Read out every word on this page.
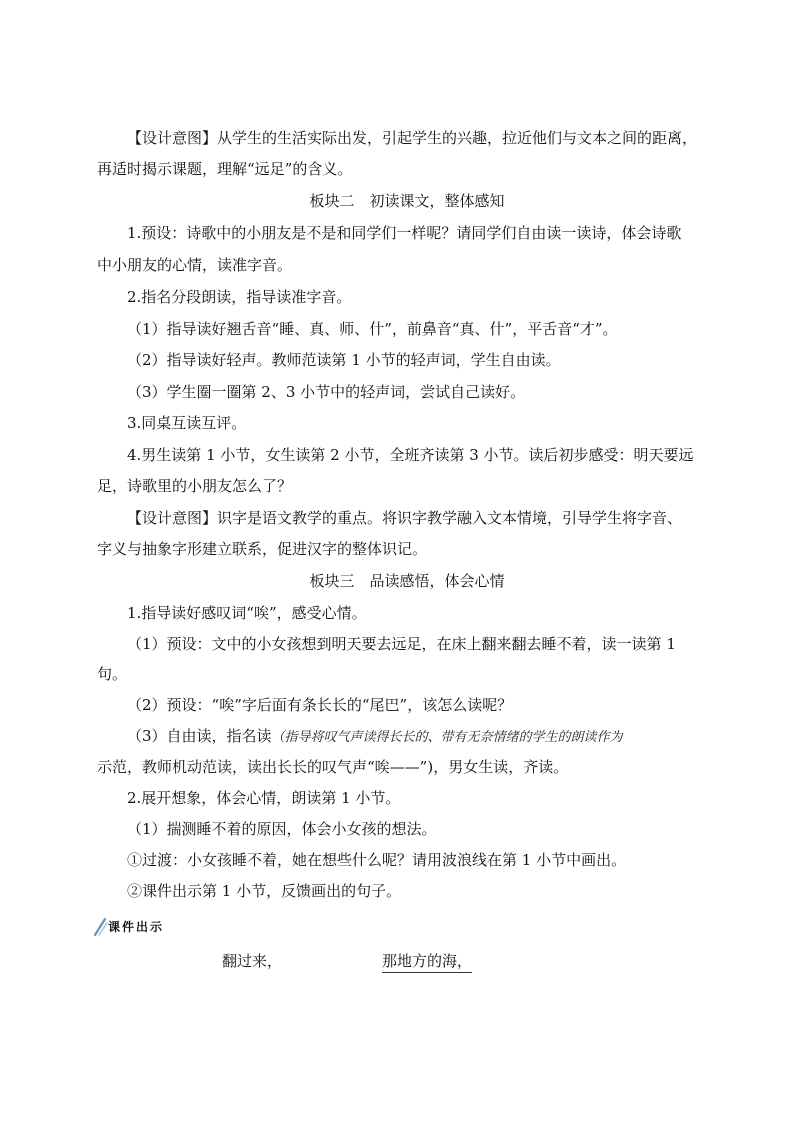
【设计意图】从学生的生活实际出发，引起学生的兴趣，拉近他们与文本之间的距离，
再适时揭示课题，理解“远足”的含义。
板块二　初读课文，整体感知
1.预设：诗歌中的小朋友是不是和同学们一样呢？请同学们自由读一读诗，体会诗歌
中小朋友的心情，读准字音。
2.指名分段朗读，指导读准字音。
（1）指导读好翘舌音“睡、真、师、什”，前鼻音“真、什”，平舌音“才”。
（2）指导读好轻声。教师范读第 1 小节的轻声词，学生自由读。
（3）学生圈一圈第 2、3 小节中的轻声词，尝试自己读好。
3.同桌互读互评。
4.男生读第 1 小节，女生读第 2 小节，全班齐读第 3 小节。读后初步感受：明天要远
足，诗歌里的小朋友怎么了？
【设计意图】识字是语文教学的重点。将识字教学融入文本情境，引导学生将字音、
字义与抽象字形建立联系，促进汉字的整体识记。
板块三　品读感悟，体会心情
1.指导读好感叹词“唉”，感受心情。
（1）预设：文中的小女孩想到明天要去远足，在床上翻来翻去睡不着，读一读第 1
句。
（2）预设：“唉”字后面有条长长的“尾巴”，该怎么读呢？
（3）自由读，指名读（指导将叹气声读得长长的、带有无奈情绪的学生的朗读作为
示范，教师机动范读，读出长长的叹气声“唉——”)，男女生读，齐读。
2.展开想象，体会心情，朗读第 1 小节。
（1）揣测睡不着的原因，体会小女孩的想法。
①过渡：小女孩睡不着，她在想些什么呢？请用波浪线在第 1 小节中画出。
②课件出示第 1 小节，反馈画出的句子。
课件出示
翻过来，	那地方的海，
